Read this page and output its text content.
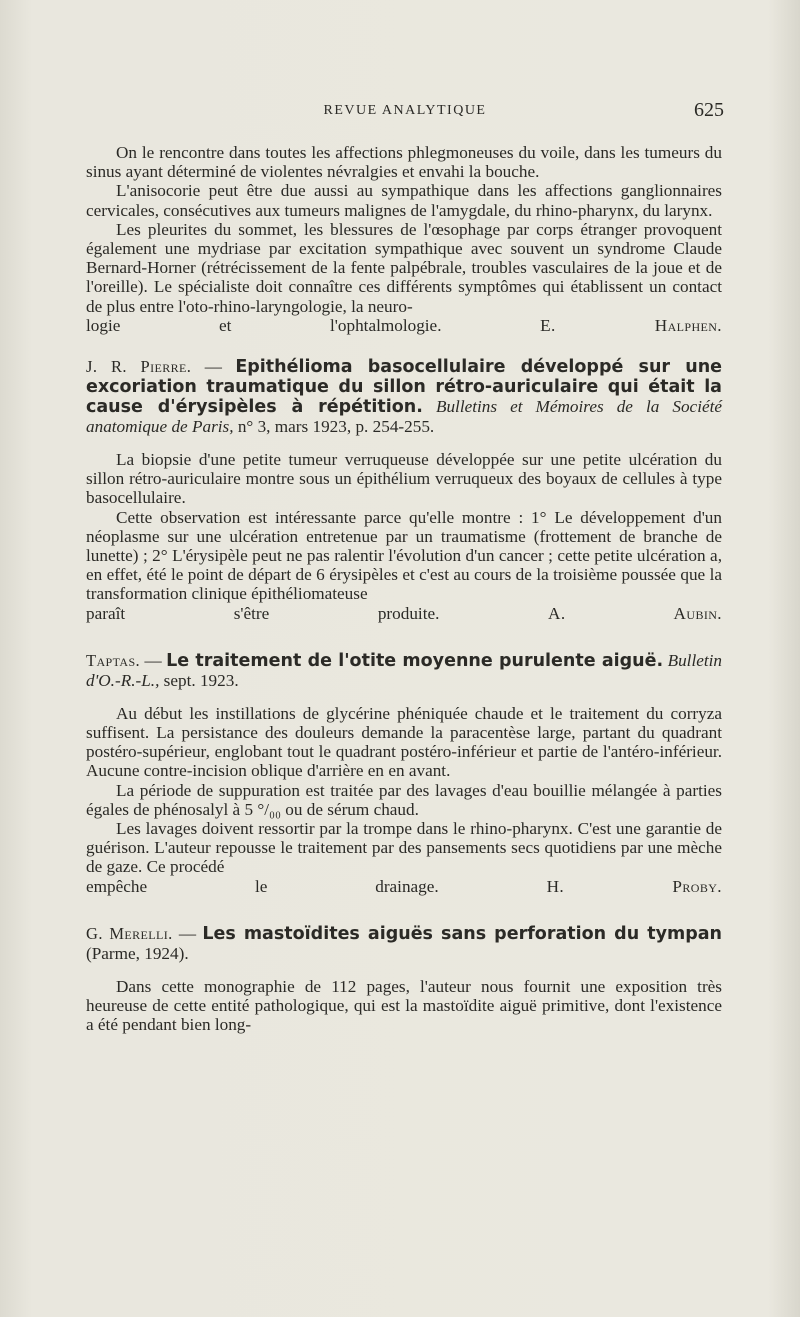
REVUE ANALYTIQUE	625

On le rencontre dans toutes les affections phlegmoneuses du voile, dans les tumeurs du sinus ayant déterminé de violentes névralgies et envahi la bouche.

L'anisocorie peut être due aussi au sympathique dans les affections ganglionnaires cervicales, consécutives aux tumeurs malignes de l'amygdale, du rhino-pharynx, du larynx.

Les pleurites du sommet, les blessures de l'œsophage par corps étranger provoquent également une mydriase par excitation sympathique avec souvent un syndrome Claude Bernard-Horner (rétrécissement de la fente palpébrale, troubles vasculaires de la joue et de l'oreille). Le spécialiste doit connaître ces différents symptômes qui établissent un contact de plus entre l'oto-rhino-laryngologie, la neuro-

logie et l'ophtalmologie.	E. Halphen.

J. R. Pierre. — Epithélioma basocellulaire développé sur une excoriation traumatique du sillon rétro-auriculaire qui était la cause d'érysipèles à répétition. Bulletins et Mémoires de la Société anatomique de Paris, n° 3, mars 1923, p. 254-255.

La biopsie d'une petite tumeur verruqueuse développée sur une petite ulcération du sillon rétro-auriculaire montre sous un épithélium verruqueux des boyaux de cellules à type basocellulaire.

Cette observation est intéressante parce qu'elle montre : 1° Le développement d'un néoplasme sur une ulcération entretenue par un traumatisme (frottement de branche de lunette) ; 2° L'érysipèle peut ne pas ralentir l'évolution d'un cancer ; cette petite ulcération a, en effet, été le point de départ de 6 érysipèles et c'est au cours de la troisième poussée que la transformation clinique épithéliomateuse

paraît s'être produite.	A. Aubin.

Taptas. — Le traitement de l'otite moyenne purulente aiguë. Bulletin d'O.-R.-L., sept. 1923.

Au début les instillations de glycérine phéniquée chaude et le traitement du corryza suffisent. La persistance des douleurs demande la paracentèse large, partant du quadrant postéro-supérieur, englobant tout le quadrant postéro-inférieur et partie de l'antéro-inférieur. Aucune contre-incision oblique d'arrière en en avant.

La période de suppuration est traitée par des lavages d'eau bouillie mélangée à parties égales de phénosalyl à 5 °/₀₀ ou de sérum chaud.

Les lavages doivent ressortir par la trompe dans le rhino-pharynx. C'est une garantie de guérison. L'auteur repousse le traitement par des pansements secs quotidiens par une mèche de gaze. Ce procédé

empêche le drainage.	H. Proby.

G. Merelli. — Les mastoïdites aiguës sans perforation du tympan (Parme, 1924).

Dans cette monographie de 112 pages, l'auteur nous fournit une exposition très heureuse de cette entité pathologique, qui est la mastoïdite aiguë primitive, dont l'existence a été pendant bien long-
